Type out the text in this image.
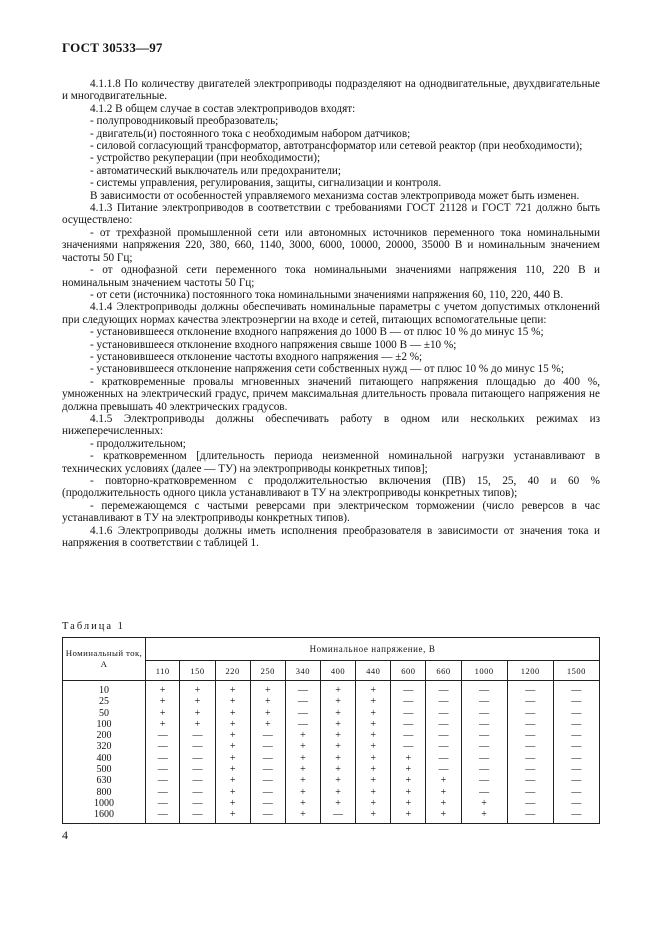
ГОСТ 30533—97

4.1.1.8 По количеству двигателей электроприводы подразделяют на однодвигательные, двухдвигательные и многодвигательные.

4.1.2 В общем случае в состав электроприводов входят:

- полупроводниковый преобразователь;

- двигатель(и) постоянного тока с необходимым набором датчиков;

- силовой согласующий трансформатор, автотрансформатор или сетевой реактор (при необходимости);

- устройство рекуперации (при необходимости);

- автоматический выключатель или предохранители;

- системы управления, регулирования, защиты, сигнализации и контроля.

В зависимости от особенностей управляемого механизма состав электропривода может быть изменен.

4.1.3 Питание электроприводов в соответствии с требованиями ГОСТ 21128 и ГОСТ 721 должно быть осуществлено:

- от трехфазной промышленной сети или автономных источников переменного тока номинальными значениями напряжения 220, 380, 660, 1140, 3000, 6000, 10000, 20000, 35000 В и номинальным значением частоты 50 Гц;

- от однофазной сети переменного тока номинальными значениями напряжения 110, 220 В и номинальным значением частоты 50 Гц;

- от сети (источника) постоянного тока номинальными значениями напряжения 60, 110, 220, 440 В.

4.1.4 Электроприводы должны обеспечивать номинальные параметры с учетом допустимых отклонений при следующих нормах качества электроэнергии на входе и сетей, питающих вспомогательные цепи:

- установившееся отклонение входного напряжения до 1000 В — от плюс 10 % до минус 15 %;

- установившееся отклонение входного напряжения свыше 1000 В — ±10 %;

- установившееся отклонение частоты входного напряжения — ±2 %;

- установившееся отклонение напряжения сети собственных нужд — от плюс 10 % до минус 15 %;

- кратковременные провалы мгновенных значений питающего напряжения площадью до 400 %, умноженных на электрический градус, причем максимальная длительность провала питающего напряжения не должна превышать 40 электрических градусов.

4.1.5 Электроприводы должны обеспечивать работу в одном или нескольких режимах из нижеперечисленных:

- продолжительном;

- кратковременном [длительность периода неизменной номинальной нагрузки устанавливают в технических условиях (далее — ТУ) на электроприводы конкретных типов];

- повторно-кратковременном с продолжительностью включения (ПВ) 15, 25, 40 и 60 % (продолжительность одного цикла устанавливают в ТУ на электроприводы конкретных типов);

- перемежающемся с частыми реверсами при электрическом торможении (число реверсов в час устанавливают в ТУ на электроприводы конкретных типов).

4.1.6 Электроприводы должны иметь исполнения преобразователя в зависимости от значения тока и напряжения в соответствии с таблицей 1.

Таблица 1
Номинальный ток, А	Номинальное напряжение, В											
	110	150	220	250	340	400	440	600	660	1000	1200	1500
10	+	+	+	+	—	+	+	—	—	—	—	—
25	+	+	+	+	—	+	+	—	—	—	—	—
50	+	+	+	+	—	+	+	—	—	—	—	—
100	+	+	+	+	—	+	+	—	—	—	—	—
200	—	—	+	—	+	+	+	—	—	—	—	—
320	—	—	+	—	+	+	+	—	—	—	—	—
400	—	—	+	—	+	+	+	+	—	—	—	—
500	—	—	+	—	+	+	+	+	—	—	—	—
630	—	—	+	—	+	+	+	+	+	—	—	—
800	—	—	+	—	+	+	+	+	+	—	—	—
1000	—	—	+	—	+	+	+	+	+	+	—	—
1600	—	—	+	—	+	—	+	+	+	+	—	—
4
